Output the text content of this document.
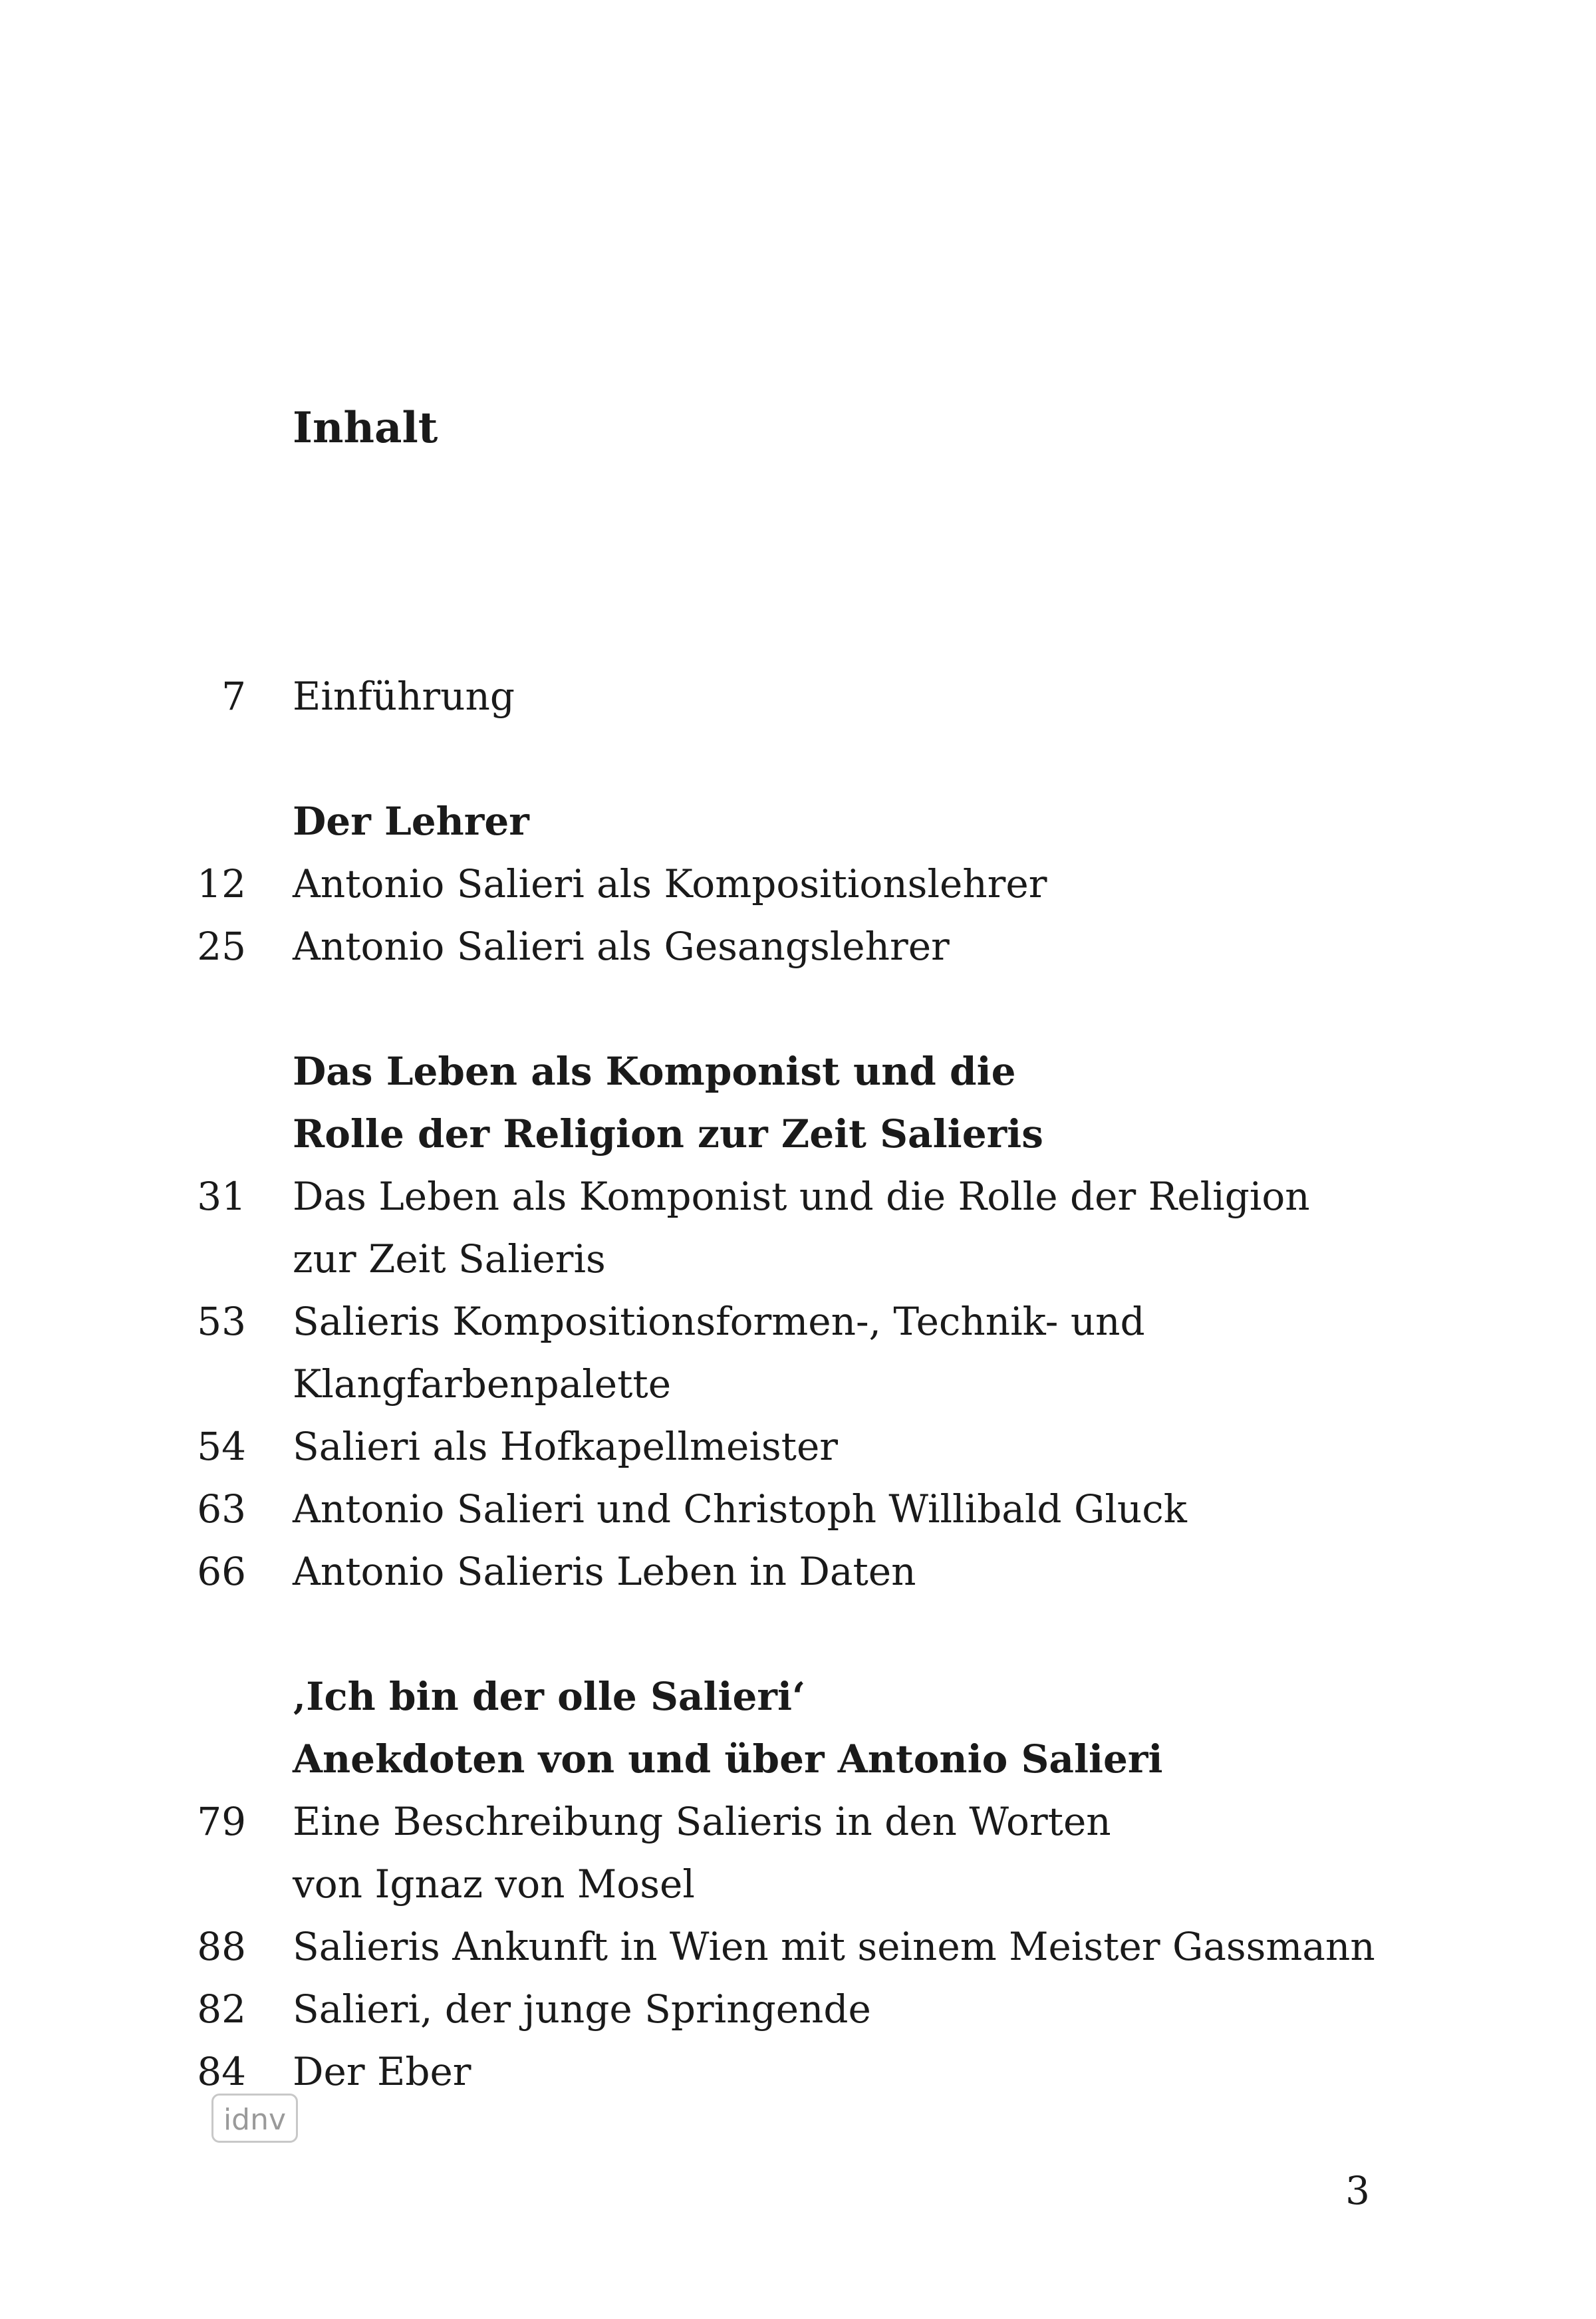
Inhalt
7 Einführung
Der Lehrer
12 Antonio Salieri als Kompositionslehrer
25 Antonio Salieri als Gesangslehrer
Das Leben als Komponist und die
Rolle der Religion zur Zeit Salieris
31 Das Leben als Komponist und die Rolle der Religion
zur Zeit Salieris
53 Salieris Kompositionsformen-, Technik- und
Klangfarbenpalette
54 Salieri als Hofkapellmeister
63 Antonio Salieri und Christoph Willibald Gluck
66 Antonio Salieris Leben in Daten
‚Ich bin der olle Salieri‘
Anekdoten von und über Antonio Salieri
79 Eine Beschreibung Salieris in den Worten
von Ignaz von Mosel
88 Salieris Ankunft in Wien mit seinem Meister Gassmann
82 Salieri, der junge Springende
84 Der Eber
idnv
3
